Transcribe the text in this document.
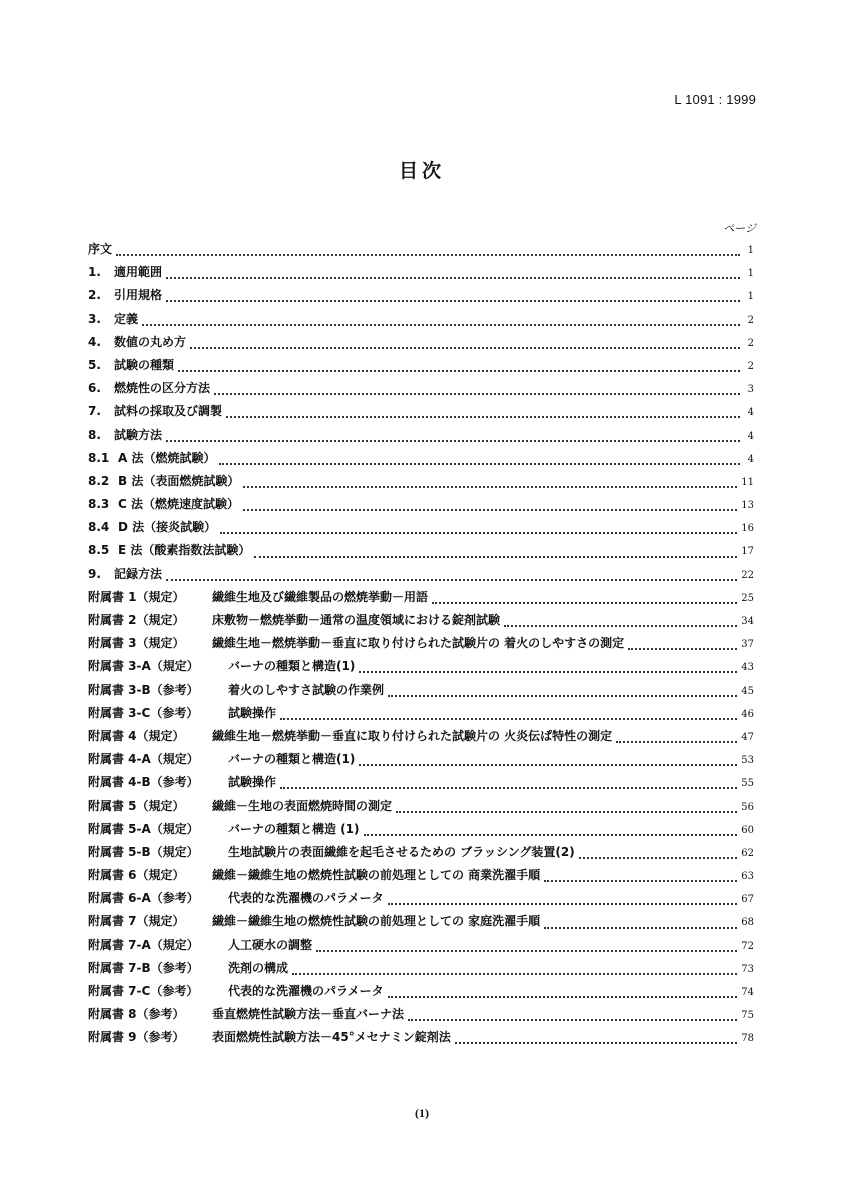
L 1091 : 1999
目次
ページ
序文	1
1.	適用範囲	1
2.	引用規格	1
3.	定義	2
4.	数値の丸め方	2
5.	試験の種類	2
6.	燃焼性の区分方法	3
7.	試料の採取及び調製	4
8.	試験方法	4
8.1 A 法（燃焼試験）	4
8.2 B 法（表面燃焼試験）	11
8.3 C 法（燃焼速度試験）	13
8.4 D 法（接炎試験）	16
8.5 E 法（酸素指数法試験）	17
9.	記録方法	22
附属書 1（規定）	繊維生地及び繊維製品の燃焼挙動－用語	25
附属書 2（規定）	床敷物－燃焼挙動－通常の温度領域における錠剤試験	34
附属書 3（規定）	繊維生地－燃焼挙動－垂直に取り付けられた試験片の 着火のしやすさの測定	37
附属書 3-A（規定）	バーナの種類と構造(1)	43
附属書 3-B（参考）	着火のしやすさ試験の作業例	45
附属書 3-C（参考）	試験操作	46
附属書 4（規定）	繊維生地－燃焼挙動－垂直に取り付けられた試験片の 火炎伝ぱ特性の測定	47
附属書 4-A（規定）	バーナの種類と構造(1)	53
附属書 4-B（参考）	試験操作	55
附属書 5（規定）	繊維－生地の表面燃焼時間の測定	56
附属書 5-A（規定）	バーナの種類と構造 (1)	60
附属書 5-B（規定）	生地試験片の表面繊維を起毛させるための ブラッシング装置(2)	62
附属書 6（規定）	繊維－繊維生地の燃焼性試験の前処理としての 商業洗濯手順	63
附属書 6-A（参考）	代表的な洗濯機のパラメータ	67
附属書 7（規定）	繊維－繊維生地の燃焼性試験の前処理としての 家庭洗濯手順	68
附属書 7-A（規定）	人工硬水の調整	72
附属書 7-B（参考）	洗剤の構成	73
附属書 7-C（参考）	代表的な洗濯機のパラメータ	74
附属書 8（参考）	垂直燃焼性試験方法－垂直バーナ法	75
附属書 9（参考）	表面燃焼性試験方法－45°メセナミン錠剤法	78
(1)
